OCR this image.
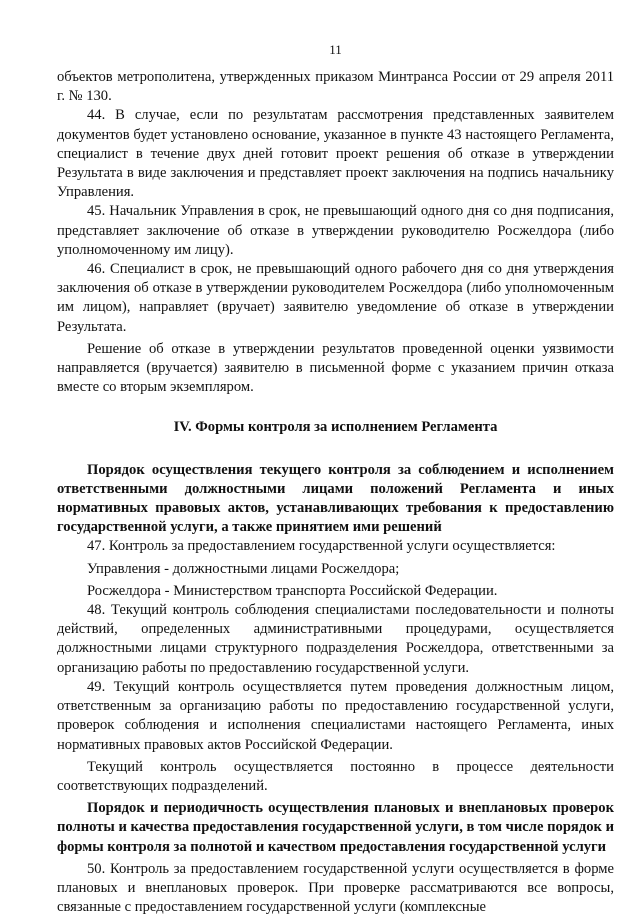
11

объектов метрополитена, утвержденных приказом Минтранса России от 29 апреля 2011 г. № 130.

44. В случае, если по результатам рассмотрения представленных заявителем документов будет установлено основание, указанное в пункте 43 настоящего Регламента, специалист в течение двух дней готовит проект решения об отказе в утверждении Результата в виде заключения и представляет проект заключения на подпись начальнику Управления.

45. Начальник Управления в срок, не превышающий одного дня со дня подписания, представляет заключение об отказе в утверждении руководителю Росжелдора (либо уполномоченному им лицу).

46. Специалист в срок, не превышающий одного рабочего дня со дня утверждения заключения об отказе в утверждении руководителем Росжелдора (либо уполномоченным им лицом), направляет (вручает) заявителю уведомление об отказе в утверждении Результата.

Решение об отказе в утверждении результатов проведенной оценки уязвимости направляется (вручается) заявителю в письменной форме с указанием причин отказа вместе со вторым экземпляром.

IV. Формы контроля за исполнением Регламента

Порядок осуществления текущего контроля за соблюдением и исполнением ответственными должностными лицами положений Регламента и иных нормативных правовых актов, устанавливающих требования к предоставлению государственной услуги, а также принятием ими решений

47. Контроль за предоставлением государственной услуги осуществляется:

Управления - должностными лицами Росжелдора;

Росжелдора - Министерством транспорта Российской Федерации.

48. Текущий контроль соблюдения специалистами последовательности и полноты действий, определенных административными процедурами, осуществляется должностными лицами структурного подразделения Росжелдора, ответственными за организацию работы по предоставлению государственной услуги.

49. Текущий контроль осуществляется путем проведения должностным лицом, ответственным за организацию работы по предоставлению государственной услуги, проверок соблюдения и исполнения специалистами настоящего Регламента, иных нормативных правовых актов Российской Федерации.

Текущий контроль осуществляется постоянно в процессе деятельности соответствующих подразделений.

Порядок и периодичность осуществления плановых и внеплановых проверок полноты и качества предоставления государственной услуги, в том числе порядок и формы контроля за полнотой и качеством предоставления государственной услуги

50. Контроль за предоставлением государственной услуги осуществляется в форме плановых и внеплановых проверок. При проверке рассматриваются все вопросы, связанные с предоставлением государственной услуги (комплексные
